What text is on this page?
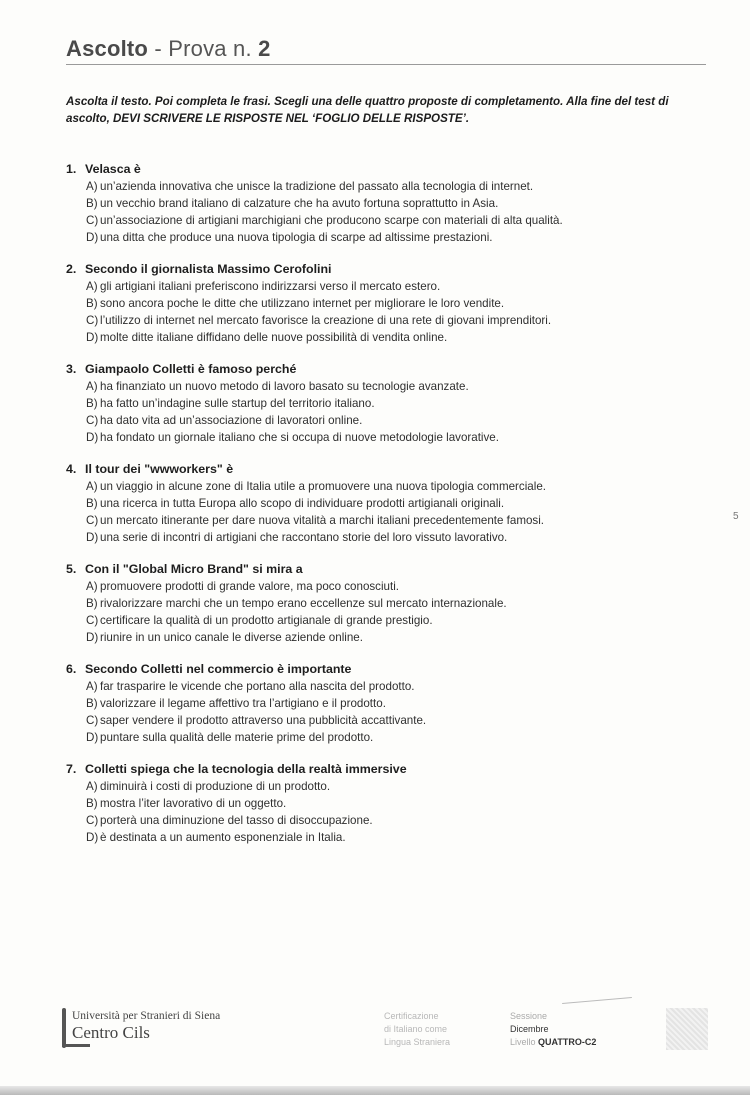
Ascolto - Prova n. 2
Ascolta il testo. Poi completa le frasi. Scegli una delle quattro proposte di completamento. Alla fine del test di ascolto, DEVI SCRIVERE LE RISPOSTE NEL ‘FOGLIO DELLE RISPOSTE’.
1. Velasca è
A) un’azienda innovativa che unisce la tradizione del passato alla tecnologia di internet.
B) un vecchio brand italiano di calzature che ha avuto fortuna soprattutto in Asia.
C) un’associazione di artigiani marchigiani che producono scarpe con materiali di alta qualità.
D) una ditta che produce una nuova tipologia di scarpe ad altissime prestazioni.
2. Secondo il giornalista Massimo Cerofolini
A) gli artigiani italiani preferiscono indirizzarsi verso il mercato estero.
B) sono ancora poche le ditte che utilizzano internet per migliorare le loro vendite.
C) l’utilizzo di internet nel mercato favorisce la creazione di una rete di giovani imprenditori.
D) molte ditte italiane diffidano delle nuove possibilità di vendita online.
3. Giampaolo Colletti è famoso perché
A) ha finanziato un nuovo metodo di lavoro basato su tecnologie avanzate.
B) ha fatto un’indagine sulle startup del territorio italiano.
C) ha dato vita ad un’associazione di lavoratori online.
D) ha fondato un giornale italiano che si occupa di nuove metodologie lavorative.
4. Il tour dei "wwworkers" è
A) un viaggio in alcune zone di Italia utile a promuovere una nuova tipologia commerciale.
B) una ricerca in tutta Europa allo scopo di individuare prodotti artigianali originali.
C) un mercato itinerante per dare nuova vitalità a marchi italiani precedentemente famosi.
D) una serie di incontri di artigiani che raccontano storie del loro vissuto lavorativo.
5. Con il "Global Micro Brand" si mira a
A) promuovere prodotti di grande valore, ma poco conosciuti.
B) rivalorizzare marchi che un tempo erano eccellenze sul mercato internazionale.
C) certificare la qualità di un prodotto artigianale di grande prestigio.
D) riunire in un unico canale le diverse aziende online.
6. Secondo Colletti nel commercio è importante
A) far trasparire le vicende che portano alla nascita del prodotto.
B) valorizzare il legame affettivo tra l’artigiano e il prodotto.
C) saper vendere il prodotto attraverso una pubblicità accattivante.
D) puntare sulla qualità delle materie prime del prodotto.
7. Colletti spiega che la tecnologia della realtà immersive
A) diminuirà i costi di produzione di un prodotto.
B) mostra l’iter lavorativo di un oggetto.
C) porterà una diminuzione del tasso di disoccupazione.
D) è destinata a un aumento esponenziale in Italia.
5
Università per Stranieri di Siena
Centro Cils
Certificazione
di Italiano come
Lingua Straniera
Sessione
Dicembre
Livello QUATTRO-C2
